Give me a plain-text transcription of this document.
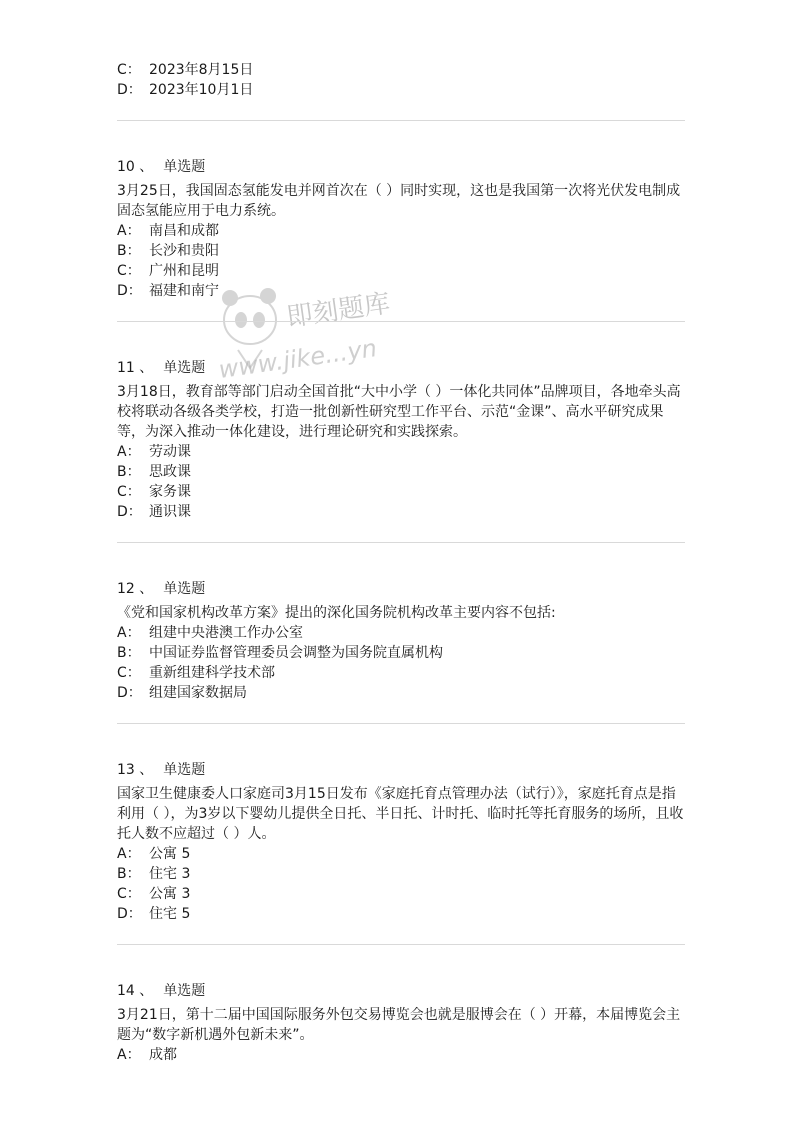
即刻题库
www.jike...yn
C： 2023年8月15日
D： 2023年10月1日
10 、 单选题
3月25日，我国固态氢能发电并网首次在（ ）同时实现，这也是我国第一次将光伏发电制成固态氢能应用于电力系统。
A： 南昌和成都
B： 长沙和贵阳
C： 广州和昆明
D： 福建和南宁
11 、 单选题
3月18日，教育部等部门启动全国首批“大中小学（ ）一体化共同体”品牌项目，各地牵头高校将联动各级各类学校，打造一批创新性研究型工作平台、示范“金课”、高水平研究成果等，为深入推动一体化建设，进行理论研究和实践探索。
A： 劳动课
B： 思政课
C： 家务课
D： 通识课
12 、 单选题
《党和国家机构改革方案》提出的深化国务院机构改革主要内容不包括:
A： 组建中央港澳工作办公室
B： 中国证券监督管理委员会调整为国务院直属机构
C： 重新组建科学技术部
D： 组建国家数据局
13 、 单选题
国家卫生健康委人口家庭司3月15日发布《家庭托育点管理办法（试行）》，家庭托育点是指利用（ ），为3岁以下婴幼儿提供全日托、半日托、计时托、临时托等托育服务的场所，且收托人数不应超过（ ）人。
A： 公寓 5
B： 住宅 3
C： 公寓 3
D： 住宅 5
14 、 单选题
3月21日，第十二届中国国际服务外包交易博览会也就是服博会在（ ）开幕，本届博览会主题为“数字新机遇外包新未来”。
A： 成都
